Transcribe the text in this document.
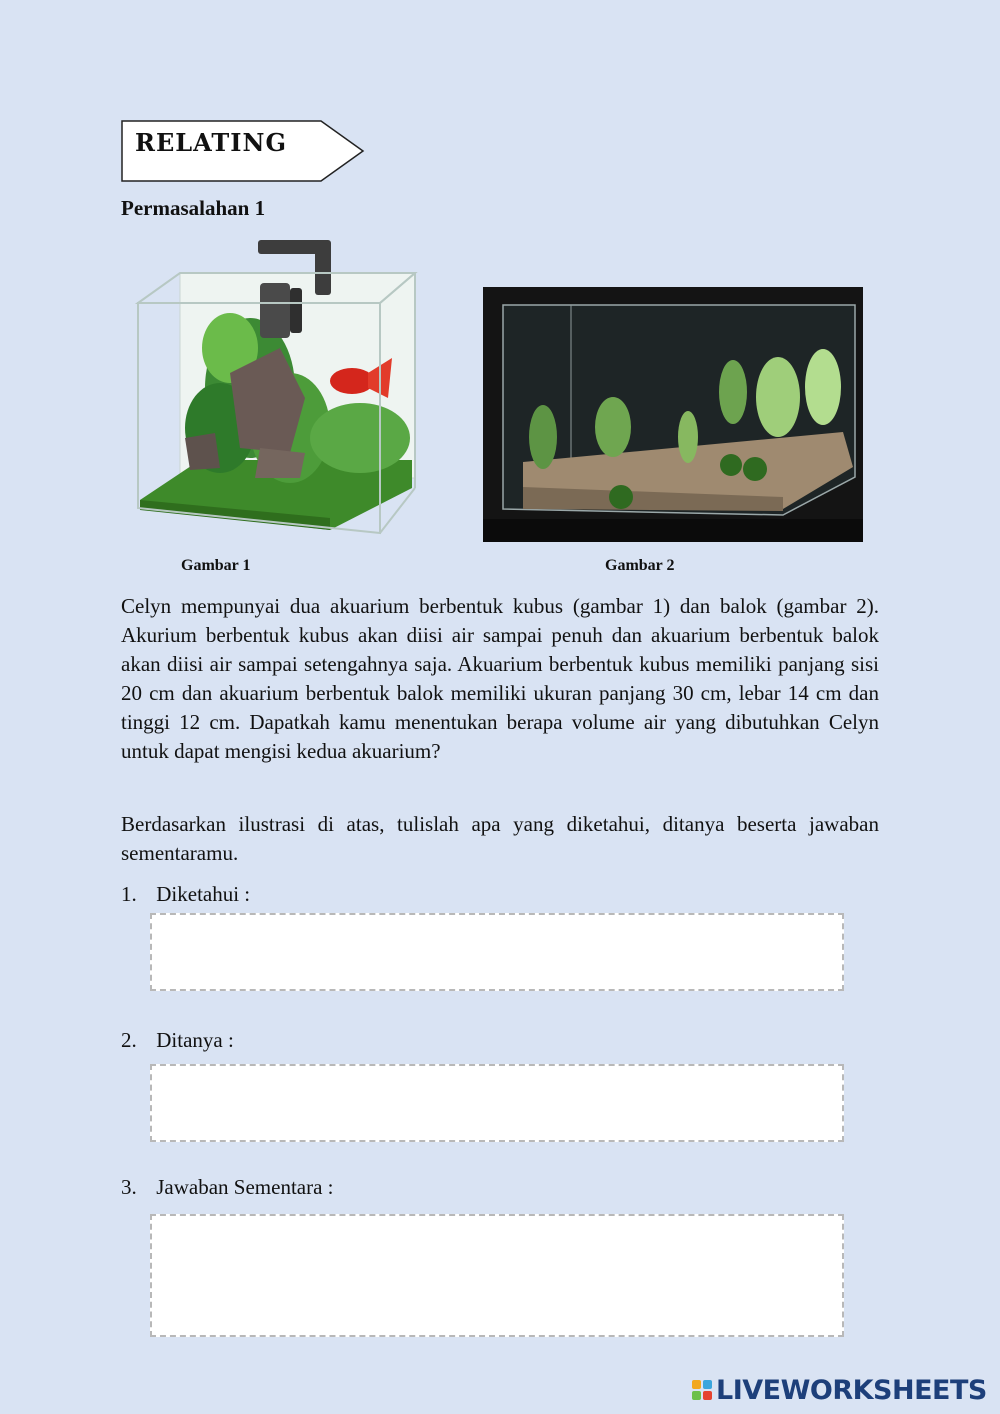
RELATING
Permasalahan 1
Gambar 1	Gambar 2

Celyn mempunyai dua akuarium berbentuk kubus (gambar 1) dan balok (gambar 2). Akurium berbentuk kubus akan diisi air sampai penuh dan akuarium berbentuk balok akan diisi air sampai setengahnya saja. Akuarium berbentuk kubus memiliki panjang sisi 20 cm dan akuarium berbentuk balok memiliki ukuran panjang 30 cm, lebar 14 cm dan tinggi 12 cm. Dapatkah kamu menentukan berapa volume air yang dibutuhkan Celyn untuk dapat mengisi kedua akuarium?

Berdasarkan ilustrasi di atas, tulislah apa yang diketahui, ditanya beserta jawaban sementaramu.

1. Diketahui :
2. Ditanya :
3. Jawaban Sementara :
LIVEWORKSHEETS
